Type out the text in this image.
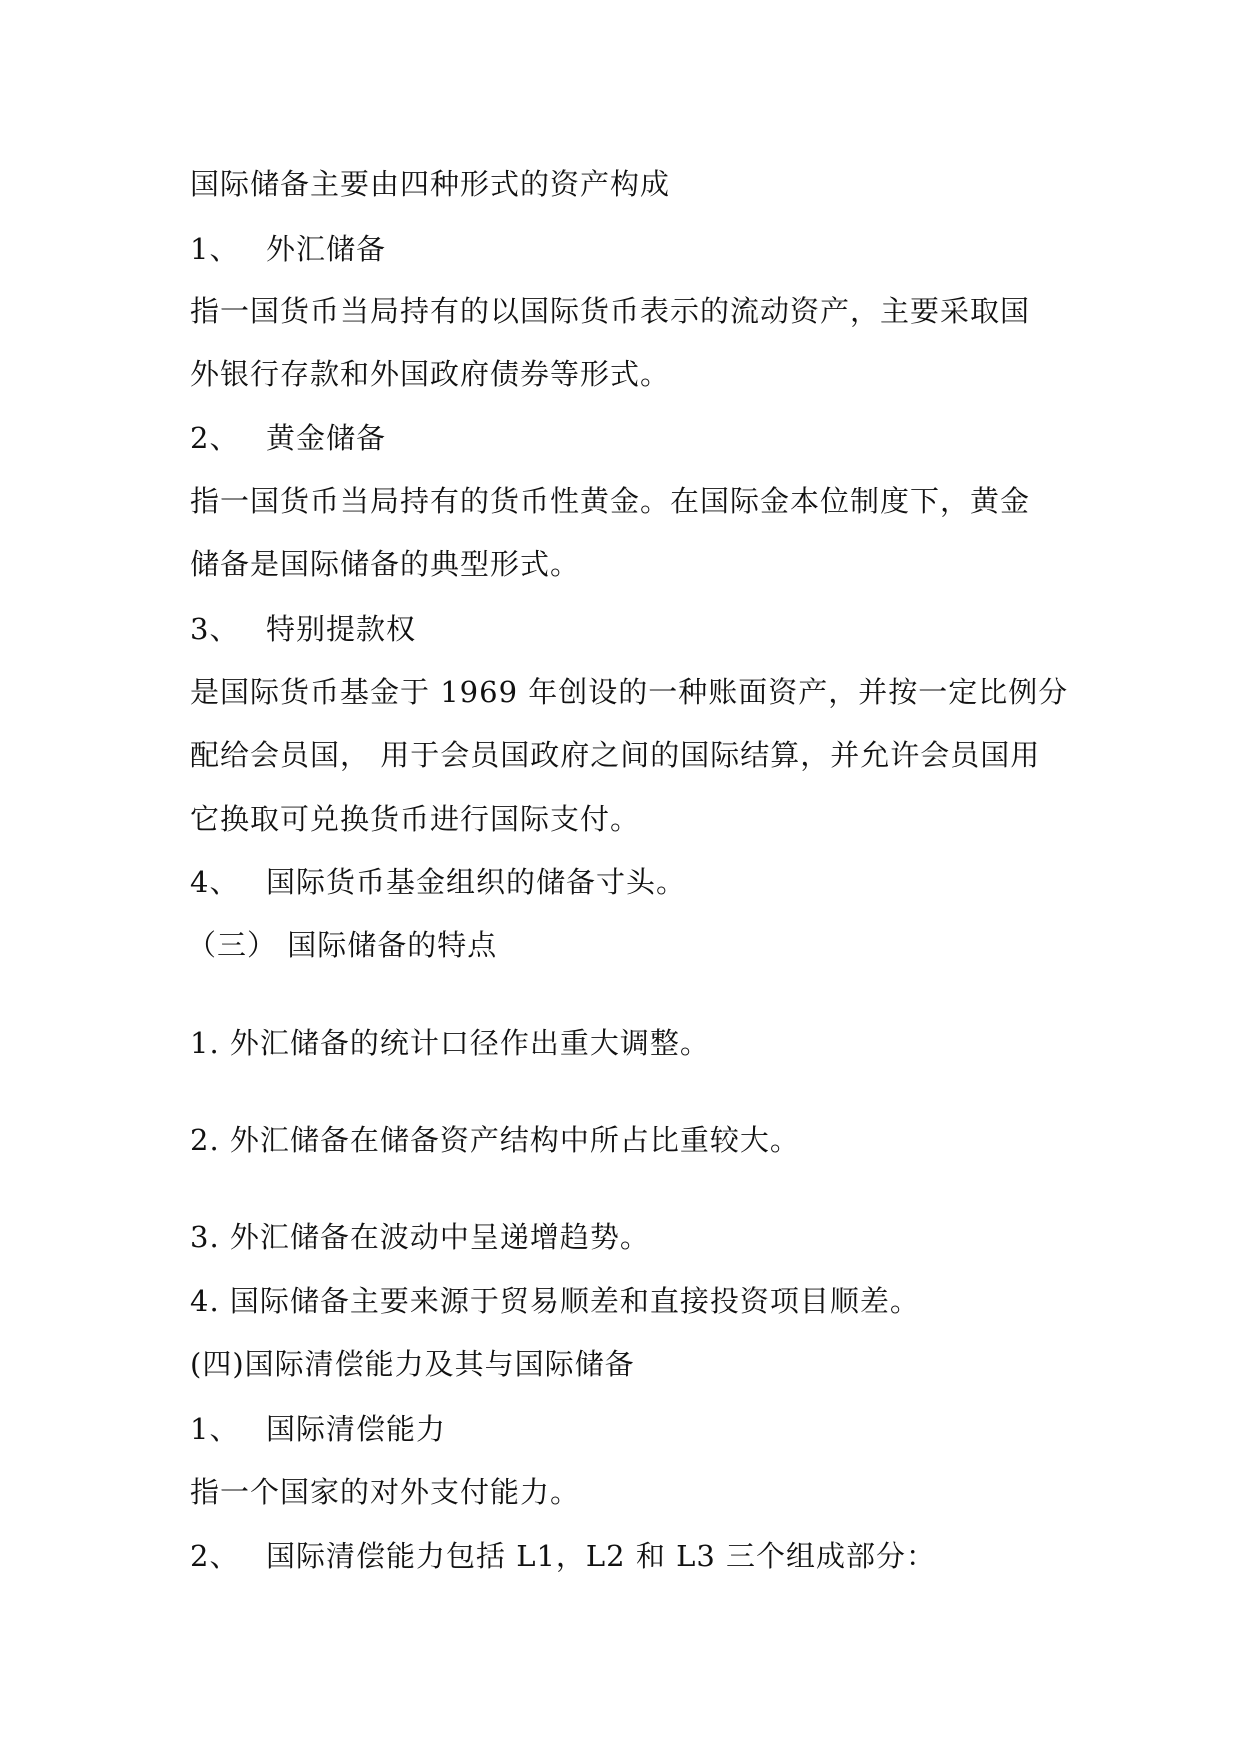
国际储备主要由四种形式的资产构成
1、 外汇储备
指一国货币当局持有的以国际货币表示的流动资产，主要采取国
外银行存款和外国政府债券等形式。
2、 黄金储备
指一国货币当局持有的货币性黄金。在国际金本位制度下，黄金
储备是国际储备的典型形式。
3、 特别提款权
是国际货币基金于 1969 年创设的一种账面资产，并按一定比例分
配给会员国， 用于会员国政府之间的国际结算，并允许会员国用
它换取可兑换货币进行国际支付。
4、 国际货币基金组织的储备寸头。
（三） 国际储备的特点
1. 外汇储备的统计口径作出重大调整。
2. 外汇储备在储备资产结构中所占比重较大。
3. 外汇储备在波动中呈递增趋势。
4. 国际储备主要来源于贸易顺差和直接投资项目顺差。
(四)国际清偿能力及其与国际储备
1、 国际清偿能力
指一个国家的对外支付能力。
2、 国际清偿能力包括 L1，L2 和 L3 三个组成部分：
